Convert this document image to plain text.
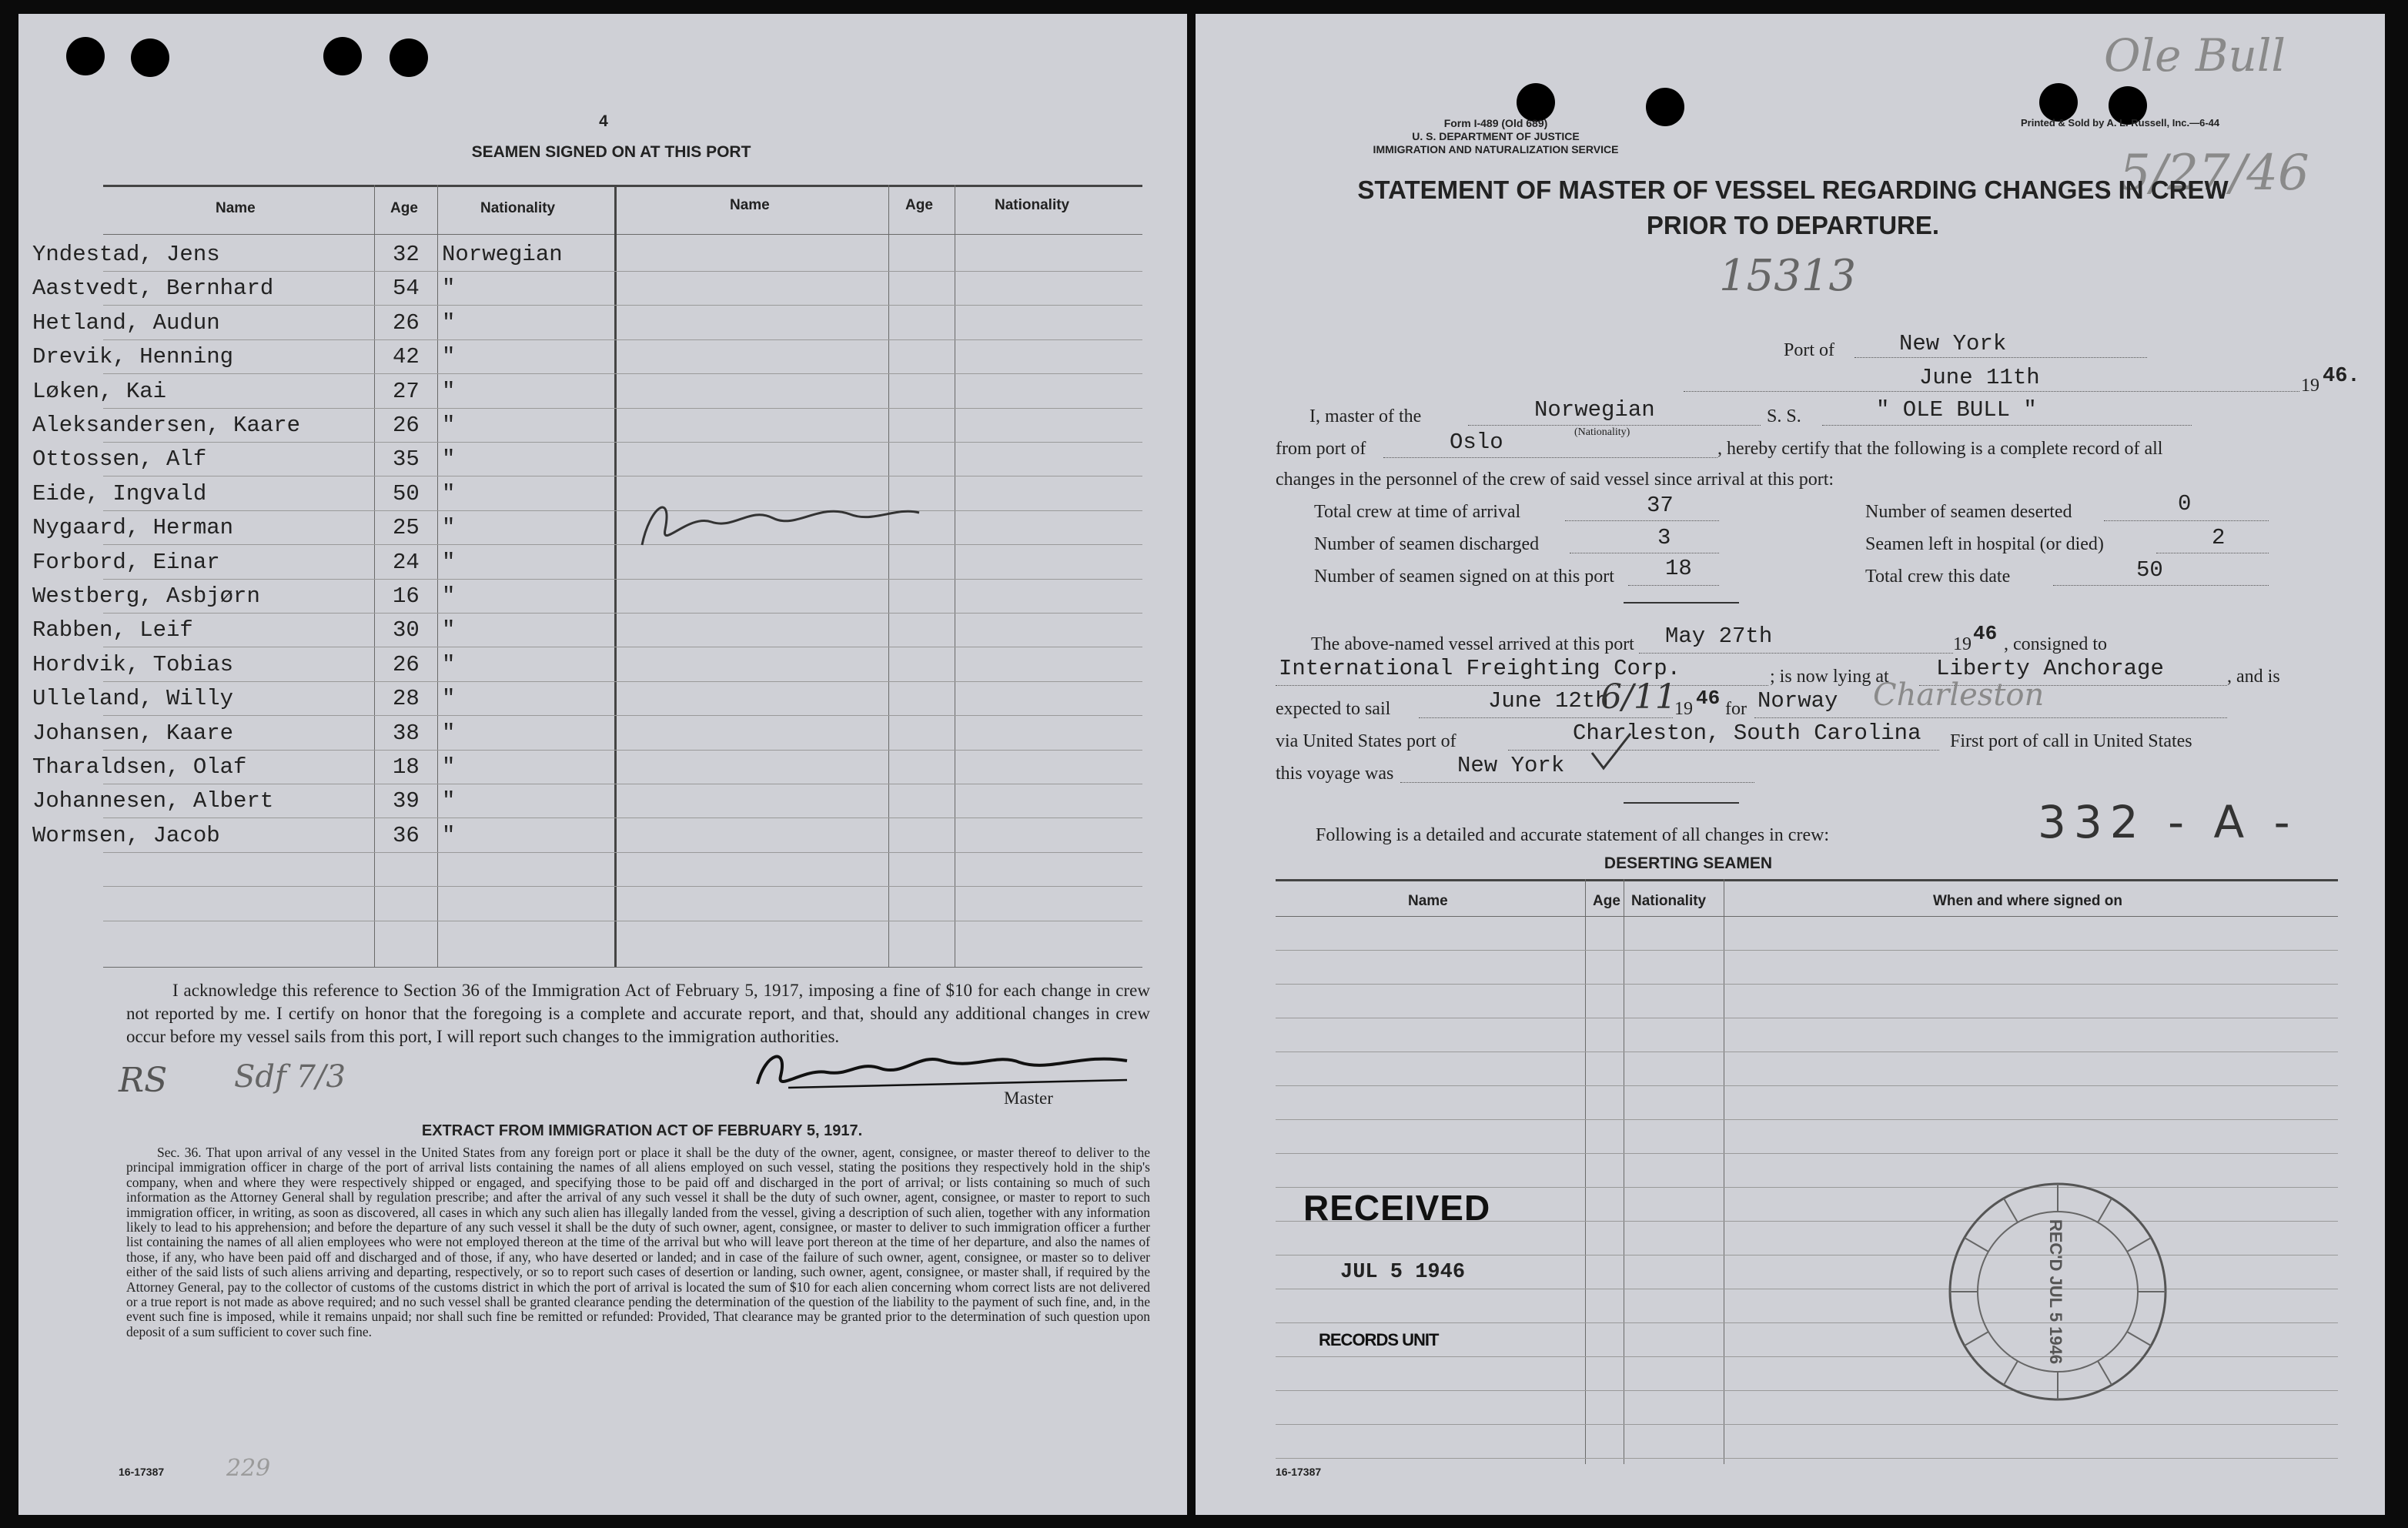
4
SEAMEN SIGNED ON AT THIS PORT
Name	Age	Nationality	Name	Age	Nationality
Yndestad, Jens	32 Norwegian
Aastvedt, Bernhard	54 "
Hetland, Audun	26 "
Drevik, Henning	42 "
Løken, Kai	27 "
Aleksandersen, Kaare	26 "
Ottossen, Alf	35 "
Eide, Ingvald	50 "
Nygaard, Herman	25 "
Forbord, Einar	24 "
Westberg, Asbjørn	16 "
Rabben, Leif	30 "
Hordvik, Tobias	26 "
Ulleland, Willy	28 "
Johansen, Kaare	38 "
Tharaldsen, Olaf	18 "
Johannesen, Albert	39 "
Wormsen, Jacob	36 "
Signed on
I acknowledge this reference to Section 36 of the Immigration Act of February 5, 1917, imposing a fine of $10 for each change in crew not reported by me. I certify on honor that the foregoing is a complete and accurate report, and that, should any additional changes in crew occur before my vessel sails from this port, I will report such changes to the immigration authorities.
Master
RS Sdf 7/3
EXTRACT FROM IMMIGRATION ACT OF FEBRUARY 5, 1917.
Sec. 36. That upon arrival of any vessel in the United States from any foreign port or place it shall be the duty of the owner, agent, consignee, or master thereof to deliver to the principal immigration officer in charge of the port of arrival lists containing the names of all aliens employed on such vessel, stating the positions they respectively hold in the ship's company, when and where they were respectively shipped or engaged, and specifying those to be paid off and discharged in the port of arrival; or lists containing so much of such information as the Attorney General shall by regulation prescribe; and after the arrival of any such vessel it shall be the duty of such owner, agent, consignee, or master to report to such immigration officer, in writing, as soon as discovered, all cases in which any such alien has illegally landed from the vessel, giving a description of such alien, together with any information likely to lead to his apprehension; and before the departure of any such vessel it shall be the duty of such owner, agent, consignee, or master to deliver to such immigration officer a further list containing the names of all alien employees who were not employed thereon at the time of the arrival but who will leave port thereon at the time of her departure, and also the names of those, if any, who have been paid off and discharged and of those, if any, who have deserted or landed; and in case of the failure of such owner, agent, consignee, or master so to deliver either of the said lists of such aliens arriving and departing, respectively, or so to report such cases of desertion or landing, such owner, agent, consignee, or master shall, if required by the Attorney General, pay to the collector of customs of the customs district in which the port of arrival is located the sum of $10 for each alien concerning whom correct lists are not delivered or a true report is not made as above required; and no such vessel shall be granted clearance pending the determination of the question of the liability to the payment of such fine, and, in the event such fine is imposed, while it remains unpaid; nor shall such fine be remitted or refunded: Provided, That clearance may be granted prior to the determination of such question upon deposit of a sum sufficient to cover such fine.
16-17387	229
Form I-489 (Old 689)
U. S. DEPARTMENT OF JUSTICE
IMMIGRATION AND NATURALIZATION SERVICE
Printed & Sold by A. L. Russell, Inc.—6-44
Ole Bull
5/27/46
STATEMENT OF MASTER OF VESSEL REGARDING CHANGES IN CREW
PRIOR TO DEPARTURE.
15313
Port of	New York
June 11th	19 46.
I, master of the	Norwegian
(Nationality)
S. S.	" OLE BULL "
from port of	Oslo	, hereby certify that the following is a complete record of all
changes in the personnel of the crew of said vessel since arrival at this port:
Total crew at time of arrival	37	Number of seamen deserted	0
Number of seamen discharged	3	Seamen left in hospital (or died)	2
Number of seamen signed on at this port 18	Total crew this date	50
The above-named vessel arrived at this port May 27th	19 46 , consigned to
International Freighting Corp.	; is now lying at Liberty Anchorage	, and is
expected to sail	June 12th
6/11
19 46 for Norway Charleston
via United States port of	Charleston, South Carolina First port of call in United States
this voyage was	New York
Following is a detailed and accurate statement of all changes in crew:	332 - A -
DESERTING SEAMEN
Name	Age Nationality	When and where signed on
RECEIVED
JUL 5 1946
RECORDS UNIT	REC'D JUL 5 1946
16-17387
